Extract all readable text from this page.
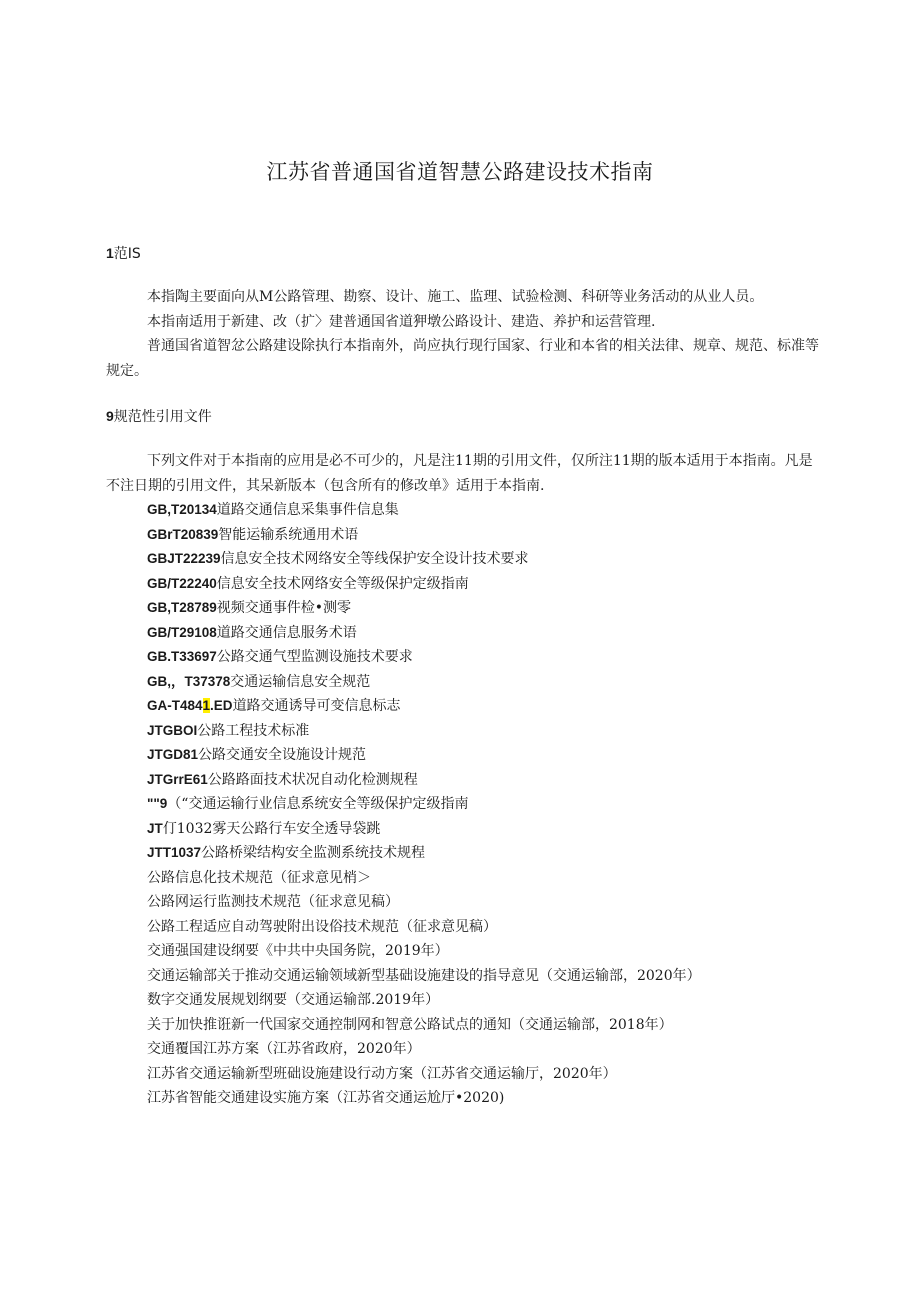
江苏省普通国省道智慧公路建设技术指南
1范IS

本指陶主要面向从M公路管理、勘察、设计、施工、监理、试验检测、科研等业务活动的从业人员。

本指南适用于新建、改（扩〉建普通国省道狎墩公路设计、建造、养护和运营管理.

普通国省道智忿公路建设除执行本指南外，尚应执行现行国家、行业和本省的相关法律、规章、规范、标准等规定。

9规范性引用文件

下列文件对于本指南的应用是必不可少的，凡是注11期的引用文件，仅所注11期的版本适用于本指南。凡是不注日期的引用文件，其呆新版本（包含所有的修改单》适用于本指南.

GB,T20134道路交通信息采集事件信息集
GBrT20839智能运输系统通用术语
GBJT22239信息安全技术网络安全等线保护安全设计技术要求
GB/T22240信息安全技术网络安全等级保护定级指南
GB,T28789视频交通事件检•测零
GB/T29108道路交通信息服务术语
GB.T33697公路交通气型监测设施技术要求
GB,，T37378交通运输信息安全规范
GA-T4841.ED道路交通诱导可变信息标志
JTGBOI公路工程技术标准
JTGD81公路交通安全设施设计规范
JTGrrE61公路路面技术状况自动化检测规程
""9（“交通运输行业信息系统安全等级保护定级指南
JT仃1032雾天公路行车安全透导袋跳
JTT1037公路桥梁结构安全监测系统技术规程
公路信息化技术规范（征求意见梢＞
公路网运行监测技术规范（征求意见稿）
公路工程适应自动驾驶附出设俗技术规范（征求意见稿）
交通强国建设纲要《中共中央国务院，2019年）
交通运输部关于推动交通运输领域新型基础设施建设的指导意见（交通运输部，2020年）
数字交通发展规划纲要（交通运输部.2019年）
关于加快推诳新一代国家交通控制网和智意公路试点的通知（交通运输部，2018年）
交通覆国江苏方案（江苏省政府，2020年）
江苏省交通运输新型班础设施建设行动方案（江苏省交通运输厅，2020年）
江苏省智能交通建设实施方案（江苏省交通运尬厅•2020)
